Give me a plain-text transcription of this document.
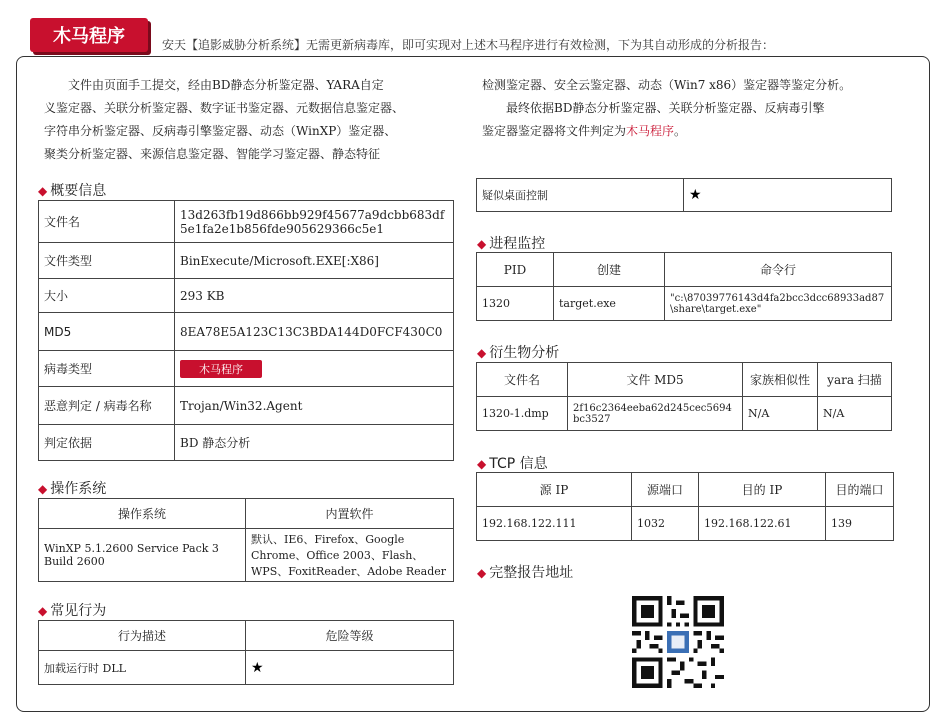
木马程序	安天【追影威胁分析系统】无需更新病毒库，即可实现对上述木马程序进行有效检测，下为其自动形成的分析报告：
　　文件由页面手工提交，经由BD静态分析鉴定器、YARA自定
义鉴定器、关联分析鉴定器、数字证书鉴定器、元数据信息鉴定器、
字符串分析鉴定器、反病毒引擎鉴定器、动态（WinXP）鉴定器、
聚类分析鉴定器、来源信息鉴定器、智能学习鉴定器、静态特征
检测鉴定器、安全云鉴定器、动态（Win7 x86）鉴定器等鉴定分析。
　　最终依据BD静态分析鉴定器、关联分析鉴定器、反病毒引擎
鉴定器鉴定器将文件判定为木马程序。
◆ 概要信息
文件名	13d263fb19d866bb929f45677a9dcbb683df5e1fa2e1b856fde905629366c5e1
文件类型	BinExecute/Microsoft.EXE[:X86]
大小	293 KB
MD5	8EA78E5A123C13C3BDA144D0FCF430C0
病毒类型	木马程序
恶意判定 / 病毒名称	Trojan/Win32.Agent
判定依据	BD 静态分析
◆ 操作系统
操作系统	内置软件
WinXP 5.1.2600 Service Pack 3 Build 2600	默认、IE6、Firefox、Google Chrome、Office 2003、Flash、WPS、FoxitReader、Adobe Reader
◆ 常见行为
行为描述	危险等级
加载运行时 DLL	★
疑似桌面控制	★
◆ 进程监控
PID	创建	命令行
1320	target.exe	"c:\87039776143d4fa2bcc3dcc68933ad87\share\target.exe"
◆ 衍生物分析
文件名	文件 MD5	家族相似性	yara 扫描
1320-1.dmp	2f16c2364eeba62d245cec5694bc3527	N/A	N/A
◆ TCP 信息
源 IP	源端口	目的 IP	目的端口
192.168.122.111	1032	192.168.122.61	139
◆ 完整报告地址
